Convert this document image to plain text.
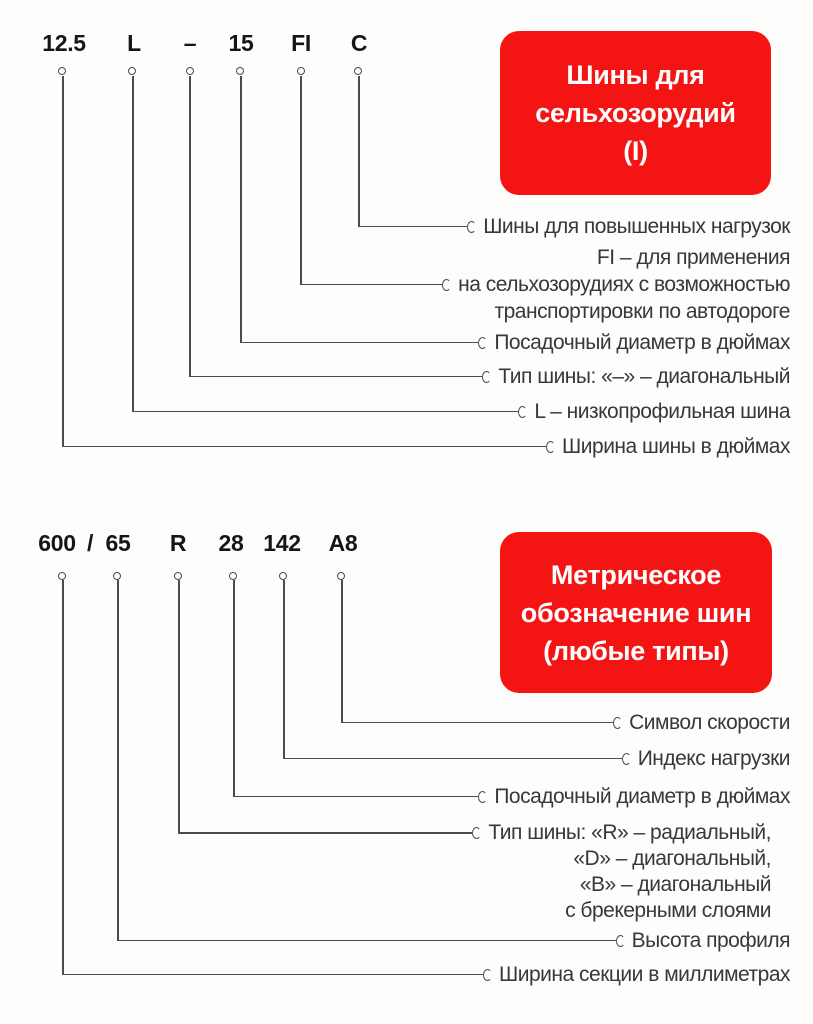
12.5 L – 15 FI C
Шины для
сельхозорудий
(I)
Шины для повышенных нагрузок
FI – для применения
на сельхозорудиях с возможностью
транспортировки по автодороге
Посадочный диаметр в дюймах
Тип шины: «–» – диагональный
L – низкопрофильная шина
Ширина шины в дюймах
600 / 65 R 28 142 A8
Метрическое
обозначение шин
(любые типы)
Символ скорости
Индекс нагрузки
Посадочный диаметр в дюймах
Тип шины: «R» – радиальный,
«D» – диагональный,
«B» – диагональный
с брекерными слоями
Высота профиля
Ширина секции в миллиметрах
